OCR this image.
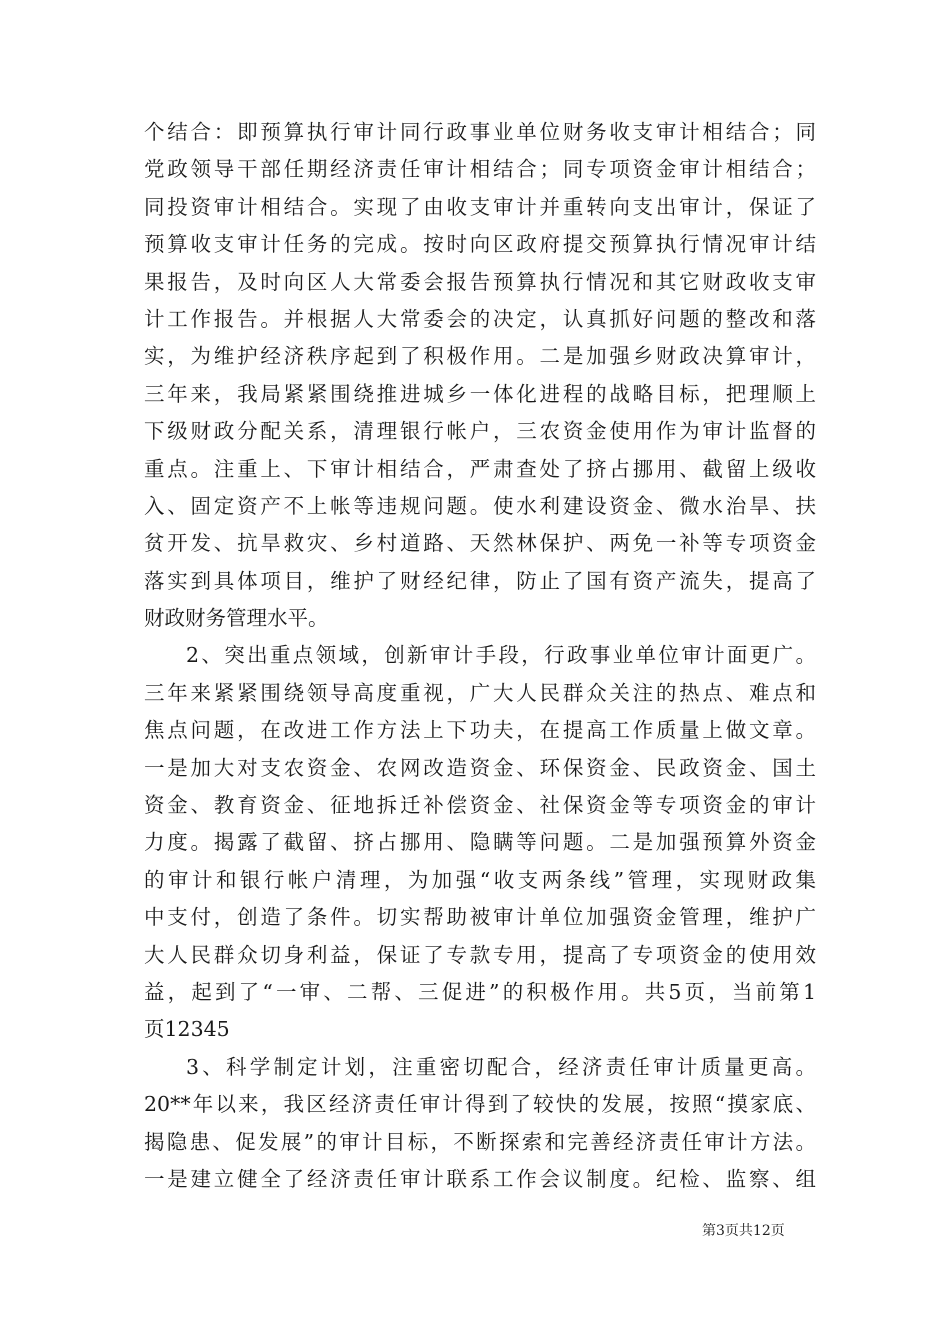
个结合：即预算执行审计同行政事业单位财务收支审计相结合；同
党政领导干部任期经济责任审计相结合；同专项资金审计相结合；
同投资审计相结合。实现了由收支审计并重转向支出审计，保证了
预算收支审计任务的完成。按时向区政府提交预算执行情况审计结
果报告，及时向区人大常委会报告预算执行情况和其它财政收支审
计工作报告。并根据人大常委会的决定，认真抓好问题的整改和落
实，为维护经济秩序起到了积极作用。二是加强乡财政决算审计，
三年来，我局紧紧围绕推进城乡一体化进程的战略目标，把理顺上
下级财政分配关系，清理银行帐户，三农资金使用作为审计监督的
重点。注重上、下审计相结合，严肃查处了挤占挪用、截留上级收
入、固定资产不上帐等违规问题。使水利建设资金、微水治旱、扶
贫开发、抗旱救灾、乡村道路、天然林保护、两免一补等专项资金
落实到具体项目，维护了财经纪律，防止了国有资产流失，提高了
财政财务管理水平。
2、突出重点领域，创新审计手段，行政事业单位审计面更广。
三年来紧紧围绕领导高度重视，广大人民群众关注的热点、难点和
焦点问题，在改进工作方法上下功夫，在提高工作质量上做文章。
一是加大对支农资金、农网改造资金、环保资金、民政资金、国土
资金、教育资金、征地拆迁补偿资金、社保资金等专项资金的审计
力度。揭露了截留、挤占挪用、隐瞒等问题。二是加强预算外资金
的审计和银行帐户清理，为加强“收支两条线”管理，实现财政集
中支付，创造了条件。切实帮助被审计单位加强资金管理，维护广
大人民群众切身利益，保证了专款专用，提高了专项资金的使用效
益，起到了“一审、二帮、三促进”的积极作用。共5页，当前第1
页12345
3、科学制定计划，注重密切配合，经济责任审计质量更高。
20**年以来，我区经济责任审计得到了较快的发展，按照“摸家底、
揭隐患、促发展”的审计目标，不断探索和完善经济责任审计方法。
一是建立健全了经济责任审计联系工作会议制度。纪检、监察、组
第3页共12页
